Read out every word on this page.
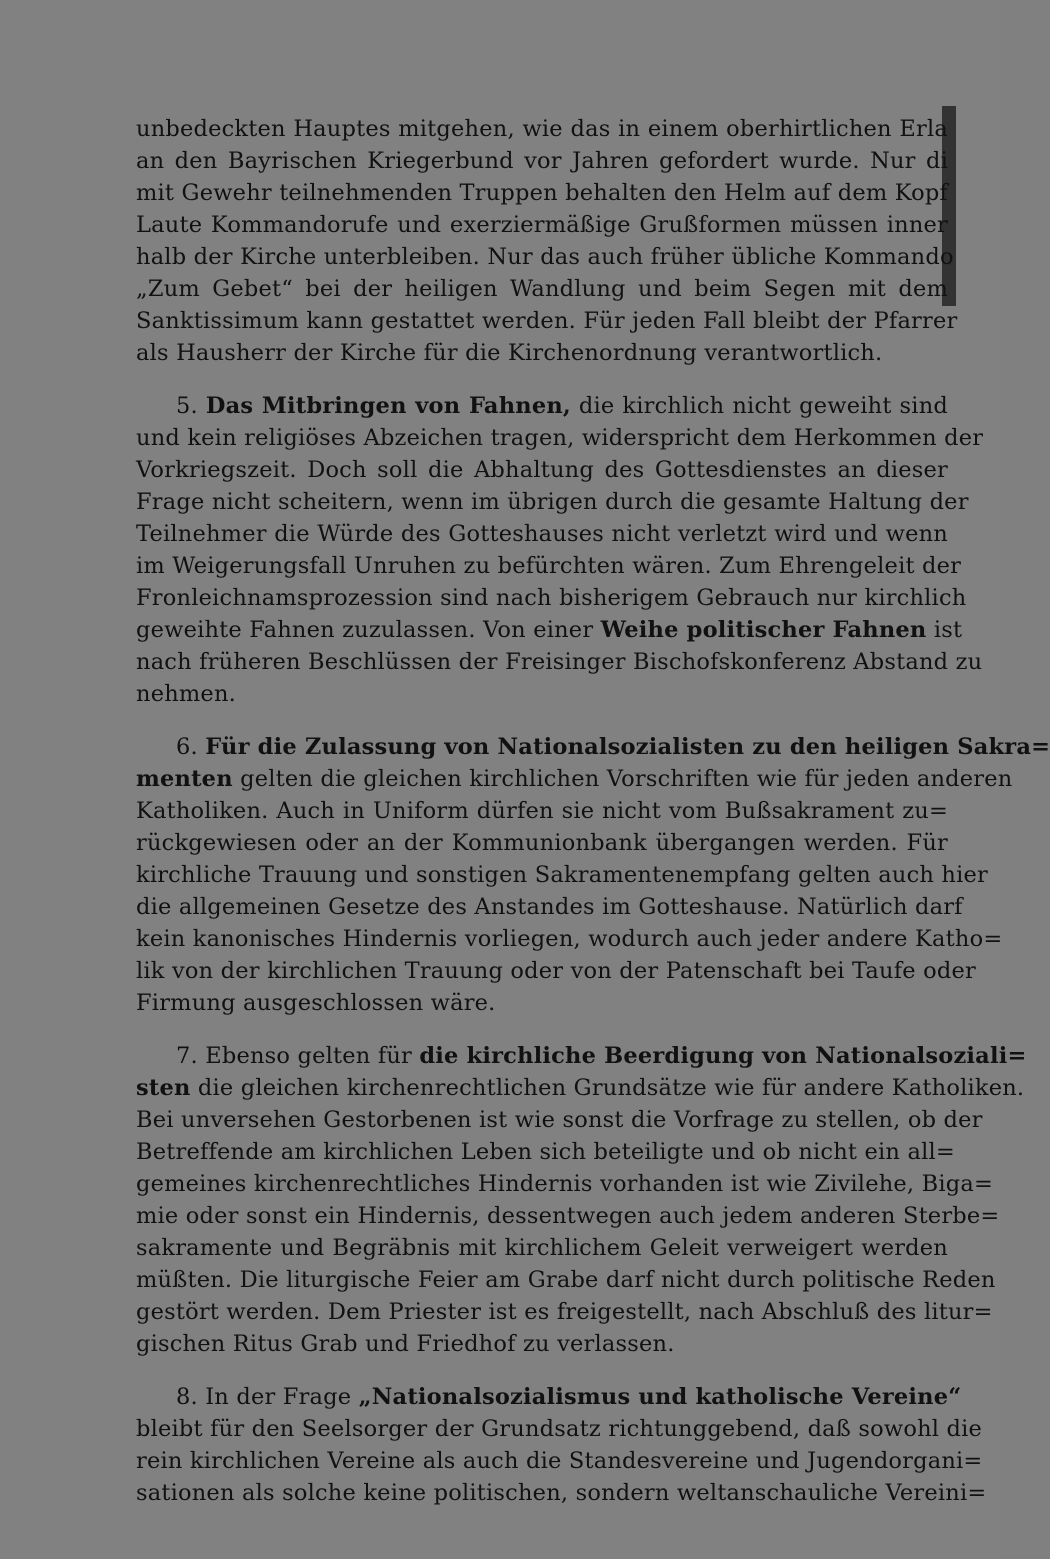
unbedeckten Hauptes mitgehen, wie das in einem oberhirtlichen Erla
an den Bayrischen Kriegerbund vor Jahren gefordert wurde. Nur di
mit Gewehr teilnehmenden Truppen behalten den Helm auf dem Kopf
Laute Kommandorufe und exerziermäßige Grußformen müssen inner
halb der Kirche unterbleiben. Nur das auch früher übliche Kommando
„Zum Gebet“ bei der heiligen Wandlung und beim Segen mit dem
Sanktissimum kann gestattet werden. Für jeden Fall bleibt der Pfarrer
als Hausherr der Kirche für die Kirchenordnung verantwortlich.
5. Das Mitbringen von Fahnen, die kirchlich nicht geweiht sind
und kein religiöses Abzeichen tragen, widerspricht dem Herkommen der
Vorkriegszeit. Doch soll die Abhaltung des Gottesdienstes an dieser
Frage nicht scheitern, wenn im übrigen durch die gesamte Haltung der
Teilnehmer die Würde des Gotteshauses nicht verletzt wird und wenn
im Weigerungsfall Unruhen zu befürchten wären. Zum Ehrengeleit der
Fronleichnamsprozession sind nach bisherigem Gebrauch nur kirchlich
geweihte Fahnen zuzulassen. Von einer Weihe politischer Fahnen ist
nach früheren Beschlüssen der Freisinger Bischofskonferenz Abstand zu
nehmen.
6. Für die Zulassung von Nationalsozialisten zu den heiligen Sakra=
menten gelten die gleichen kirchlichen Vorschriften wie für jeden anderen
Katholiken. Auch in Uniform dürfen sie nicht vom Bußsakrament zu=
rückgewiesen oder an der Kommunionbank übergangen werden. Für
kirchliche Trauung und sonstigen Sakramentenempfang gelten auch hier
die allgemeinen Gesetze des Anstandes im Gotteshause. Natürlich darf
kein kanonisches Hindernis vorliegen, wodurch auch jeder andere Katho=
lik von der kirchlichen Trauung oder von der Patenschaft bei Taufe oder
Firmung ausgeschlossen wäre.
7. Ebenso gelten für die kirchliche Beerdigung von Nationalsoziali=
sten die gleichen kirchenrechtlichen Grundsätze wie für andere Katholiken.
Bei unversehen Gestorbenen ist wie sonst die Vorfrage zu stellen, ob der
Betreffende am kirchlichen Leben sich beteiligte und ob nicht ein all=
gemeines kirchenrechtliches Hindernis vorhanden ist wie Zivilehe, Biga=
mie oder sonst ein Hindernis, dessentwegen auch jedem anderen Sterbe=
sakramente und Begräbnis mit kirchlichem Geleit verweigert werden
müßten. Die liturgische Feier am Grabe darf nicht durch politische Reden
gestört werden. Dem Priester ist es freigestellt, nach Abschluß des litur=
gischen Ritus Grab und Friedhof zu verlassen.
8. In der Frage „Nationalsozialismus und katholische Vereine“
bleibt für den Seelsorger der Grundsatz richtunggebend, daß sowohl die
rein kirchlichen Vereine als auch die Standesvereine und Jugendorgani=
sationen als solche keine politischen, sondern weltanschauliche Vereini=
